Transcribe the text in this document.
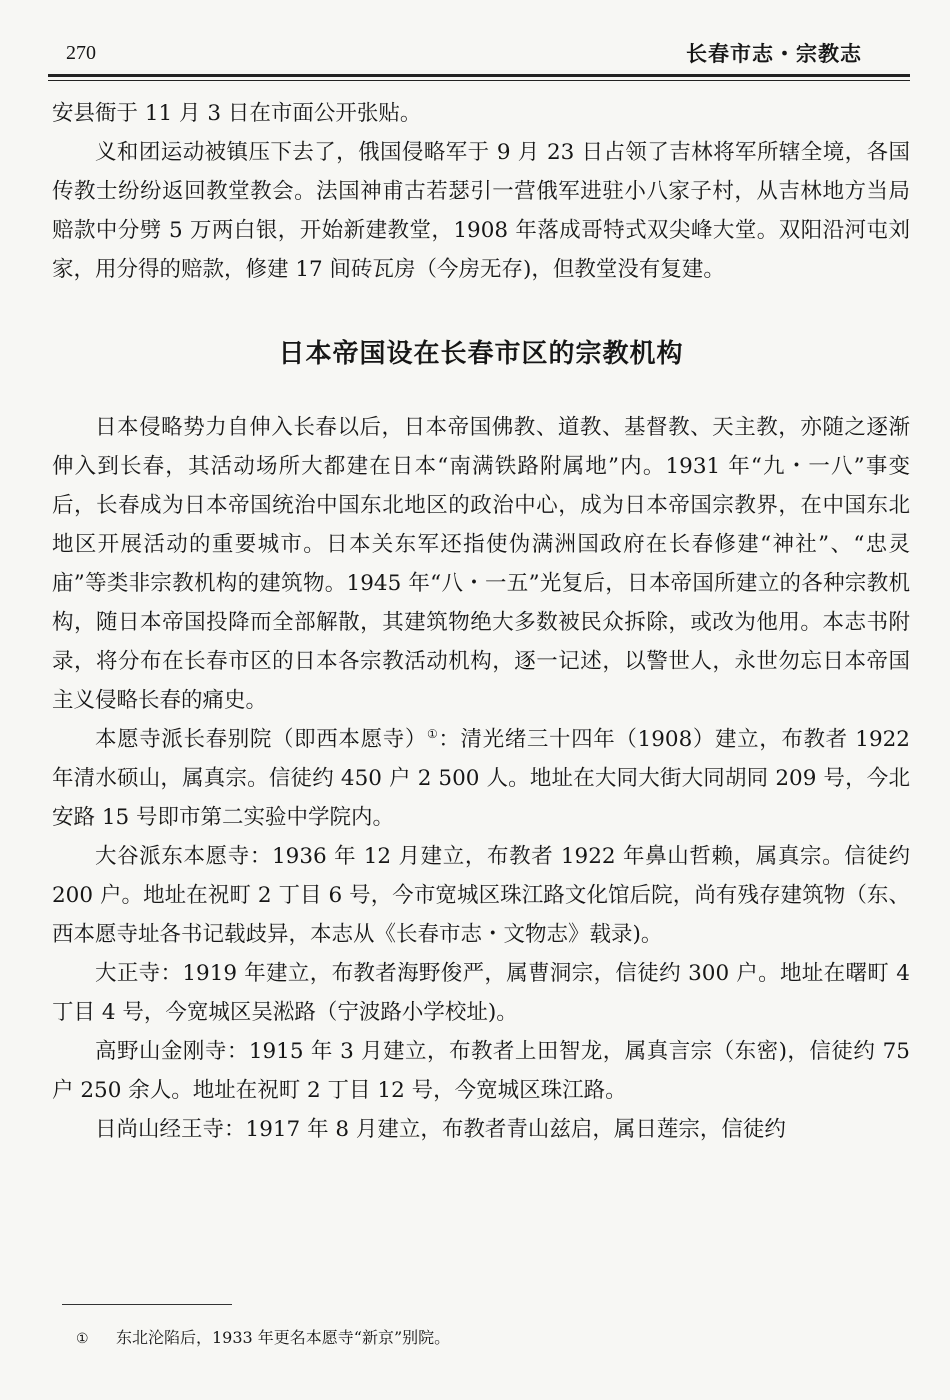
270	长春市志・宗教志

安县衙于 11 月 3 日在市面公开张贴。

义和团运动被镇压下去了，俄国侵略军于 9 月 23 日占领了吉林将军所辖全境，各国传教士纷纷返回教堂教会。法国神甫古若瑟引一营俄军进驻小八家子村，从吉林地方当局赔款中分劈 5 万两白银，开始新建教堂，1908 年落成哥特式双尖峰大堂。双阳沿河屯刘家，用分得的赔款，修建 17 间砖瓦房（今房无存)，但教堂没有复建。

日本帝国设在长春市区的宗教机构

日本侵略势力自伸入长春以后，日本帝国佛教、道教、基督教、天主教，亦随之逐渐伸入到长春，其活动场所大都建在日本“南满铁路附属地”内。1931 年“九・一八”事变后，长春成为日本帝国统治中国东北地区的政治中心，成为日本帝国宗教界，在中国东北地区开展活动的重要城市。日本关东军还指使伪满洲国政府在长春修建“神社”、“忠灵庙”等类非宗教机构的建筑物。1945 年“八・一五”光复后，日本帝国所建立的各种宗教机构，随日本帝国投降而全部解散，其建筑物绝大多数被民众拆除，或改为他用。本志书附录，将分布在长春市区的日本各宗教活动机构，逐一记述，以警世人，永世勿忘日本帝国主义侵略长春的痛史。

本愿寺派长春别院（即西本愿寺）①：清光绪三十四年（1908）建立，布教者 1922 年清水硕山，属真宗。信徒约 450 户 2 500 人。地址在大同大街大同胡同 209 号，今北安路 15 号即市第二实验中学院内。

大谷派东本愿寺：1936 年 12 月建立，布教者 1922 年鼻山哲赖，属真宗。信徒约 200 户。地址在祝町 2 丁目 6 号，今市宽城区珠江路文化馆后院，尚有残存建筑物（东、西本愿寺址各书记载歧异，本志从《长春市志・文物志》载录)。

大正寺：1919 年建立，布教者海野俊严，属曹洞宗，信徒约 300 户。地址在曙町 4 丁目 4 号，今宽城区吴淞路（宁波路小学校址)。

高野山金刚寺：1915 年 3 月建立，布教者上田智龙，属真言宗（东密)，信徒约 75 户 250 余人。地址在祝町 2 丁目 12 号，今宽城区珠江路。

日尚山经王寺：1917 年 8 月建立，布教者青山兹启，属日莲宗，信徒约

① 东北沦陷后，1933 年更名本愿寺“新京”别院。
